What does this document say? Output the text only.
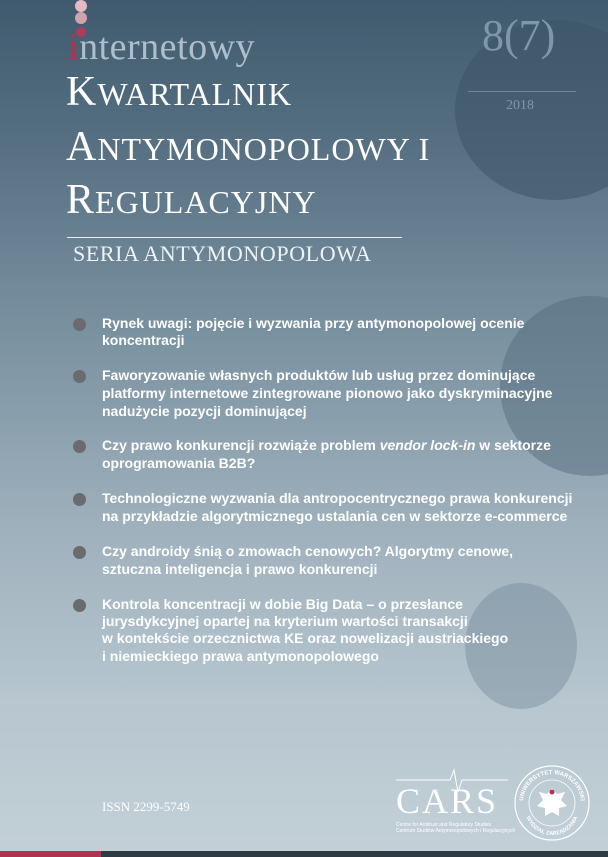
internetowy	8(7)
2018
KWARTALNIK
ANTYMONOPOLOWY I
REGULACYJNY
SERIA ANTYMONOPOLOWA
Rynek uwagi: pojęcie i wyzwania przy antymonopolowej ocenie
koncentracji
Faworyzowanie własnych produktów lub usług przez dominujące
platformy internetowe zintegrowane pionowo jako dyskryminacyjne
nadużycie pozycji dominującej
Czy prawo konkurencji rozwiąże problem vendor lock-in w sektorze
oprogramowania B2B?
Technologiczne wyzwania dla antropocentrycznego prawa konkurencji
na przykładzie algorytmicznego ustalania cen w sektorze e-commerce
Czy androidy śnią o zmowach cenowych? Algorytmy cenowe,
sztuczna inteligencja i prawo konkurencji
Kontrola koncentracji w dobie Big Data – o przesłance
jurysdykcyjnej opartej na kryterium wartości transakcji
w kontekście orzecznictwa KE oraz nowelizacji austriackiego
i niemieckiego prawa antymonopolowego
ISSN 2299-5749	CARS
Centre for Antitrust and Regulatory Studies
Centrum Studiów Antymonopolowych i Regulacyjnych
UNIWERSYTET WARSZAWSKI
WYDZIAŁ ZARZĄDZANIA
